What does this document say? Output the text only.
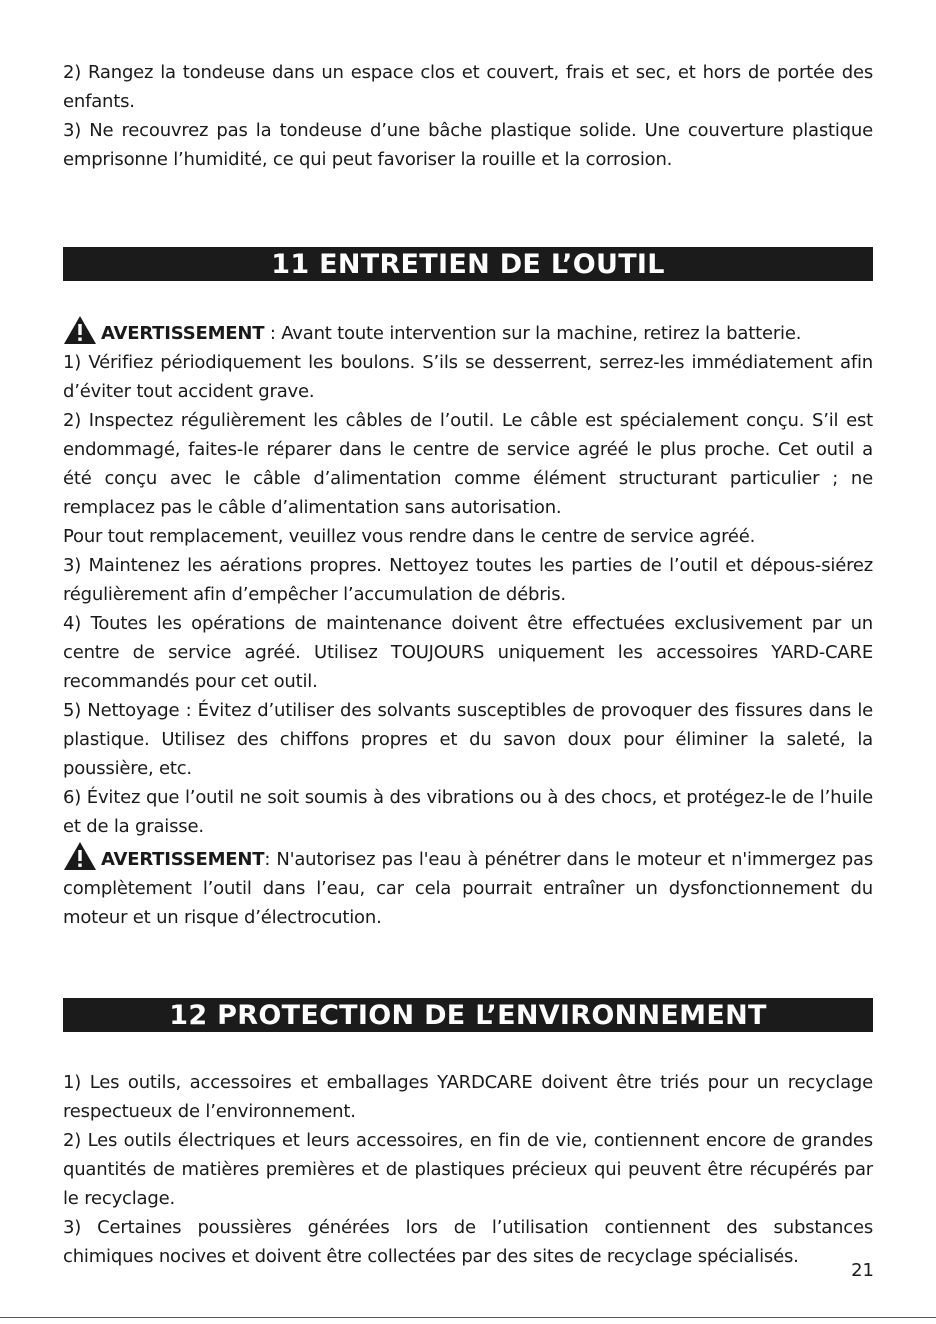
2) Rangez la tondeuse dans un espace clos et couvert, frais et sec, et hors de portée des enfants.

3) Ne recouvrez pas la tondeuse d’une bâche plastique solide. Une couverture plastique emprisonne l’humidité, ce qui peut favoriser la rouille et la corrosion.

11 ENTRETIEN DE L’OUTIL

AVERTISSEMENT : Avant toute intervention sur la machine, retirez la batterie.

1) Vérifiez périodiquement les boulons. S’ils se desserrent, serrez-les immédiatement afin d’éviter tout accident grave.

2) Inspectez régulièrement les câbles de l’outil. Le câble est spécialement conçu. S’il est endommagé, faites-le réparer dans le centre de service agréé le plus proche. Cet outil a été conçu avec le câble d’alimentation comme élément structurant particulier ; ne remplacez pas le câble d’alimentation sans autorisation.

Pour tout remplacement, veuillez vous rendre dans le centre de service agréé.

3) Maintenez les aérations propres. Nettoyez toutes les parties de l’outil et dépous-siérez régulièrement afin d’empêcher l’accumulation de débris.

4) Toutes les opérations de maintenance doivent être effectuées exclusivement par un centre de service agréé. Utilisez TOUJOURS uniquement les accessoires YARD-CARE recommandés pour cet outil.

5) Nettoyage : Évitez d’utiliser des solvants susceptibles de provoquer des fissures dans le plastique. Utilisez des chiffons propres et du savon doux pour éliminer la saleté, la poussière, etc.

6) Évitez que l’outil ne soit soumis à des vibrations ou à des chocs, et protégez-le de l’huile et de la graisse.

AVERTISSEMENT: N'autorisez pas l'eau à pénétrer dans le moteur et n'immergez pas complètement l’outil dans l’eau, car cela pourrait entraîner un dysfonctionnement du moteur et un risque d’électrocution.

12 PROTECTION DE L’ENVIRONNEMENT

1) Les outils, accessoires et emballages YARDCARE doivent être triés pour un recyclage respectueux de l’environnement.

2) Les outils électriques et leurs accessoires, en fin de vie, contiennent encore de grandes quantités de matières premières et de plastiques précieux qui peuvent être récupérés par le recyclage.

3) Certaines poussières générées lors de l’utilisation contiennent des substances chimiques nocives et doivent être collectées par des sites de recyclage spécialisés.

21
